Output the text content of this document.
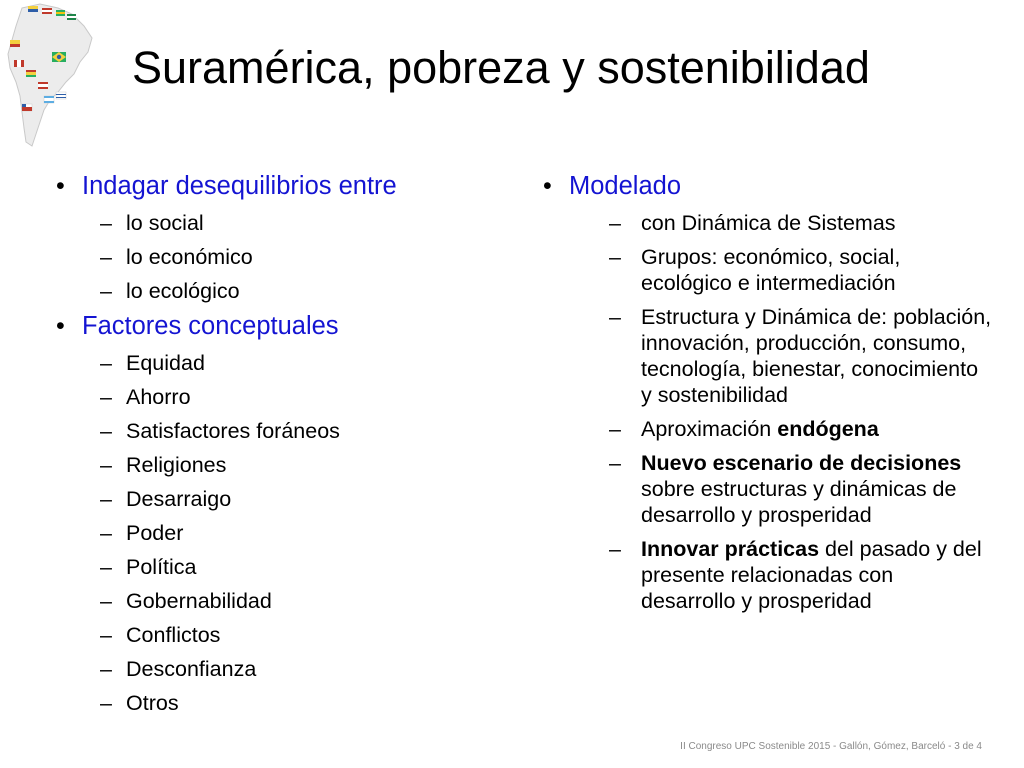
Suramérica, pobreza y sostenibilidad
• Indagar desequilibrios entre
– lo social
– lo económico
– lo ecológico
• Factores conceptuales
– Equidad
– Ahorro
– Satisfactores foráneos
– Religiones
– Desarraigo
– Poder
– Política
– Gobernabilidad
– Conflictos
– Desconfianza
– Otros
• Modelado
– con Dinámica de Sistemas
– Grupos: económico, social, ecológico e intermediación
– Estructura y Dinámica de: población, innovación, producción, consumo, tecnología, bienestar, conocimiento y sostenibilidad
– Aproximación endógena
– Nuevo escenario de decisiones sobre estructuras y dinámicas de desarrollo y prosperidad
– Innovar prácticas del pasado y del presente relacionadas con desarrollo y prosperidad
II Congreso UPC Sostenible 2015 - Gallón, Gómez, Barceló - 3 de 4
